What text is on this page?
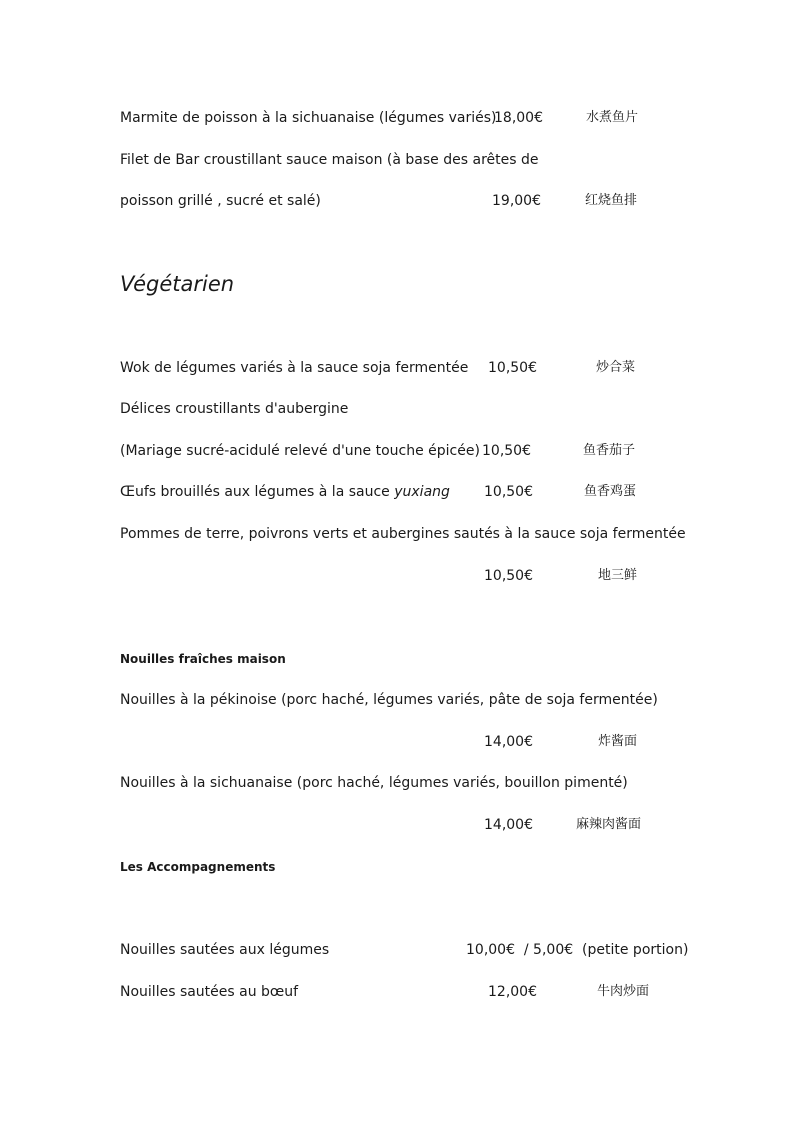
Marmite de poisson à la sichuanaise (légumes variés)
18,00€	水煮鱼片
Filet de Bar croustillant sauce maison (à base des arêtes de
poisson grillé , sucré et salé)	19,00€	红烧鱼排
Végétarien
Wok de légumes variés à la sauce soja fermentée 10,50€	炒合菜
Délices croustillants d'aubergine
(Mariage sucré-acidulé relevé d'une touche épicée) 10,50€	鱼香茄子
Œufs brouillés aux légumes à la sauce yuxiang 10,50€	鱼香鸡蛋
Pommes de terre, poivrons verts et aubergines sautés à la sauce soja fermentée
10,50€	地三鲜
Nouilles fraîches maison
Nouilles à la pékinoise (porc haché, légumes variés, pâte de soja fermentée)
14,00€	炸酱面
Nouilles à la sichuanaise (porc haché, légumes variés, bouillon pimenté)
14,00€	麻辣肉酱面
Les Accompagnements
Nouilles sautées aux légumes	10,00€  / 5,00€  (petite portion)
Nouilles sautées au bœuf	12,00€	牛肉炒面
